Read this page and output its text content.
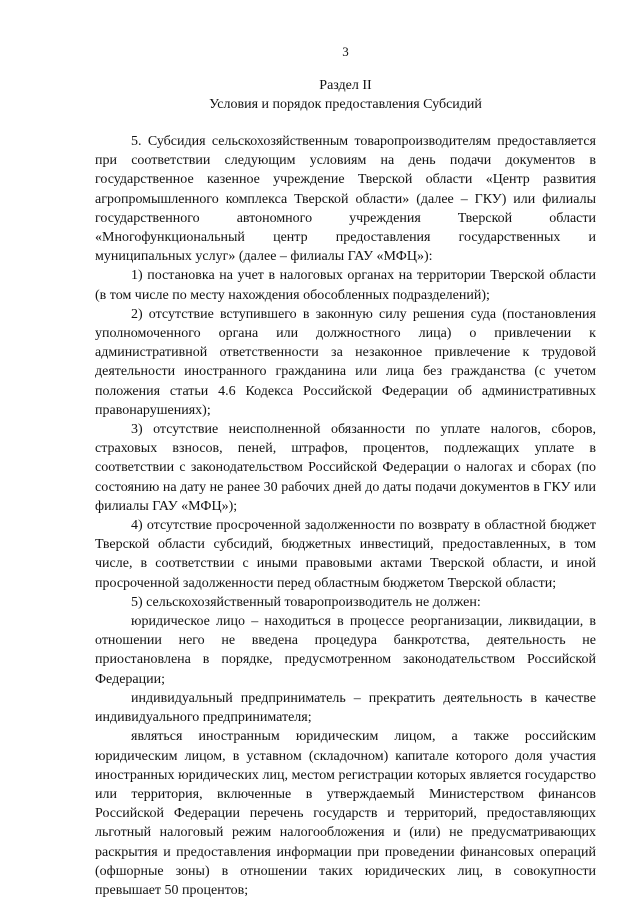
3
Раздел II
Условия и порядок предоставления Субсидий

5. Субсидия сельскохозяйственным товаропроизводителям предоставляется при соответствии следующим условиям на день подачи документов в государственное казенное учреждение Тверской области «Центр развития агропромышленного комплекса Тверской области» (далее – ГКУ) или филиалы государственного автономного учреждения Тверской области «Многофункциональный центр предоставления государственных и муниципальных услуг» (далее – филиалы ГАУ «МФЦ»):

1) постановка на учет в налоговых органах на территории Тверской области (в том числе по месту нахождения обособленных подразделений);

2) отсутствие вступившего в законную силу решения суда (постановления уполномоченного органа или должностного лица) о привлечении к административной ответственности за незаконное привлечение к трудовой деятельности иностранного гражданина или лица без гражданства (с учетом положения статьи 4.6 Кодекса Российской Федерации об административных правонарушениях);

3) отсутствие неисполненной обязанности по уплате налогов, сборов, страховых взносов, пеней, штрафов, процентов, подлежащих уплате в соответствии с законодательством Российской Федерации о налогах и сборах (по состоянию на дату не ранее 30 рабочих дней до даты подачи документов в ГКУ или филиалы ГАУ «МФЦ»);

4) отсутствие просроченной задолженности по возврату в областной бюджет Тверской области субсидий, бюджетных инвестиций, предоставленных, в том числе, в соответствии с иными правовыми актами Тверской области, и иной просроченной задолженности перед областным бюджетом Тверской области;

5) сельскохозяйственный товаропроизводитель не должен:

юридическое лицо – находиться в процессе реорганизации, ликвидации, в отношении него не введена процедура банкротства, деятельность не приостановлена в порядке, предусмотренном законодательством Российской Федерации;

индивидуальный предприниматель – прекратить деятельность в качестве индивидуального предпринимателя;

являться иностранным юридическим лицом, а также российским юридическим лицом, в уставном (складочном) капитале которого доля участия иностранных юридических лиц, местом регистрации которых является государство или территория, включенные в утверждаемый Министерством финансов Российской Федерации перечень государств и территорий, предоставляющих льготный налоговый режим налогообложения и (или) не предусматривающих раскрытия и предоставления информации при проведении финансовых операций (офшорные зоны) в отношении таких юридических лиц, в совокупности превышает 50 процентов;
